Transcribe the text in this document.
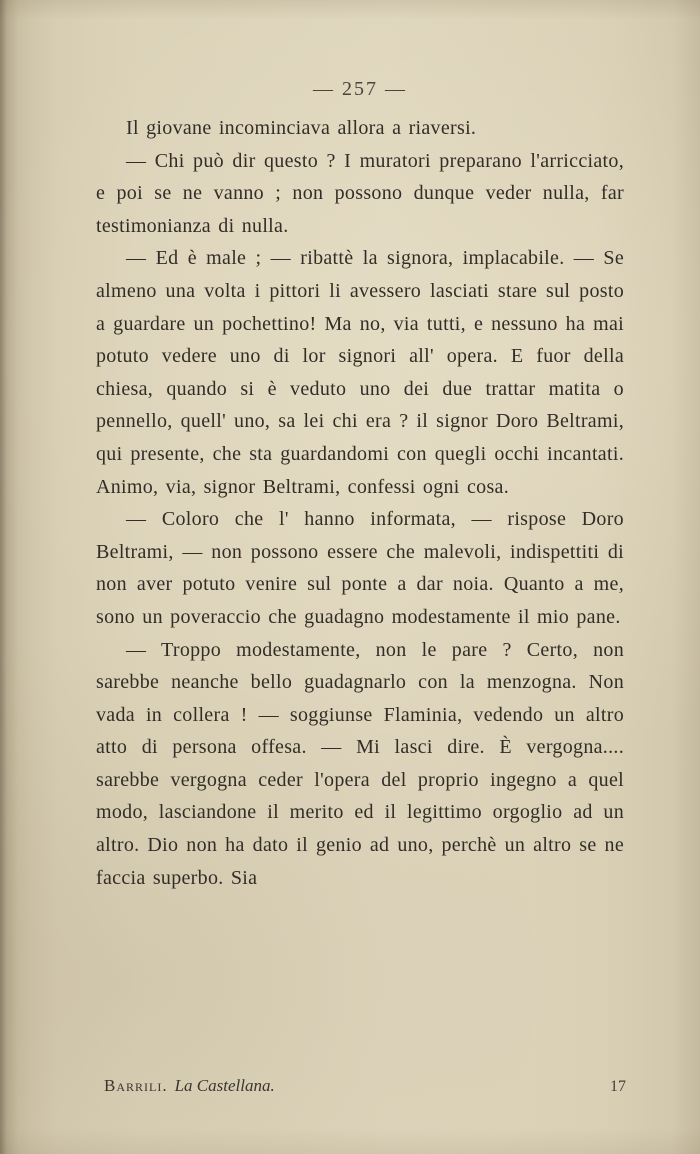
— 257 —

Il giovane incominciava allora a riaversi.

— Chi può dir questo ? I muratori preparano l'arricciato, e poi se ne vanno ; non possono dunque veder nulla, far testimonianza di nulla.

— Ed è male ; — ribattè la signora, implacabile. — Se almeno una volta i pittori li avessero lasciati stare sul posto a guardare un pochettino! Ma no, via tutti, e nessuno ha mai potuto vedere uno di lor signori all' opera. E fuor della chiesa, quando si è veduto uno dei due trattar matita o pennello, quell' uno, sa lei chi era ? il signor Doro Beltrami, qui presente, che sta guardandomi con quegli occhi incantati. Animo, via, signor Beltrami, confessi ogni cosa.

— Coloro che l' hanno informata, — rispose Doro Beltrami, — non possono essere che malevoli, indispettiti di non aver potuto venire sul ponte a dar noia. Quanto a me, sono un poveraccio che guadagno modestamente il mio pane.

— Troppo modestamente, non le pare ? Certo, non sarebbe neanche bello guadagnarlo con la menzogna. Non vada in collera ! — soggiunse Flaminia, vedendo un altro atto di persona offesa. — Mi lasci dire. È vergogna.... sarebbe vergogna ceder l'opera del proprio ingegno a quel modo, lasciandone il merito ed il legittimo orgoglio ad un altro. Dio non ha dato il genio ad uno, perchè un altro se ne faccia superbo. Sia

Barrili. La Castellana.	17
